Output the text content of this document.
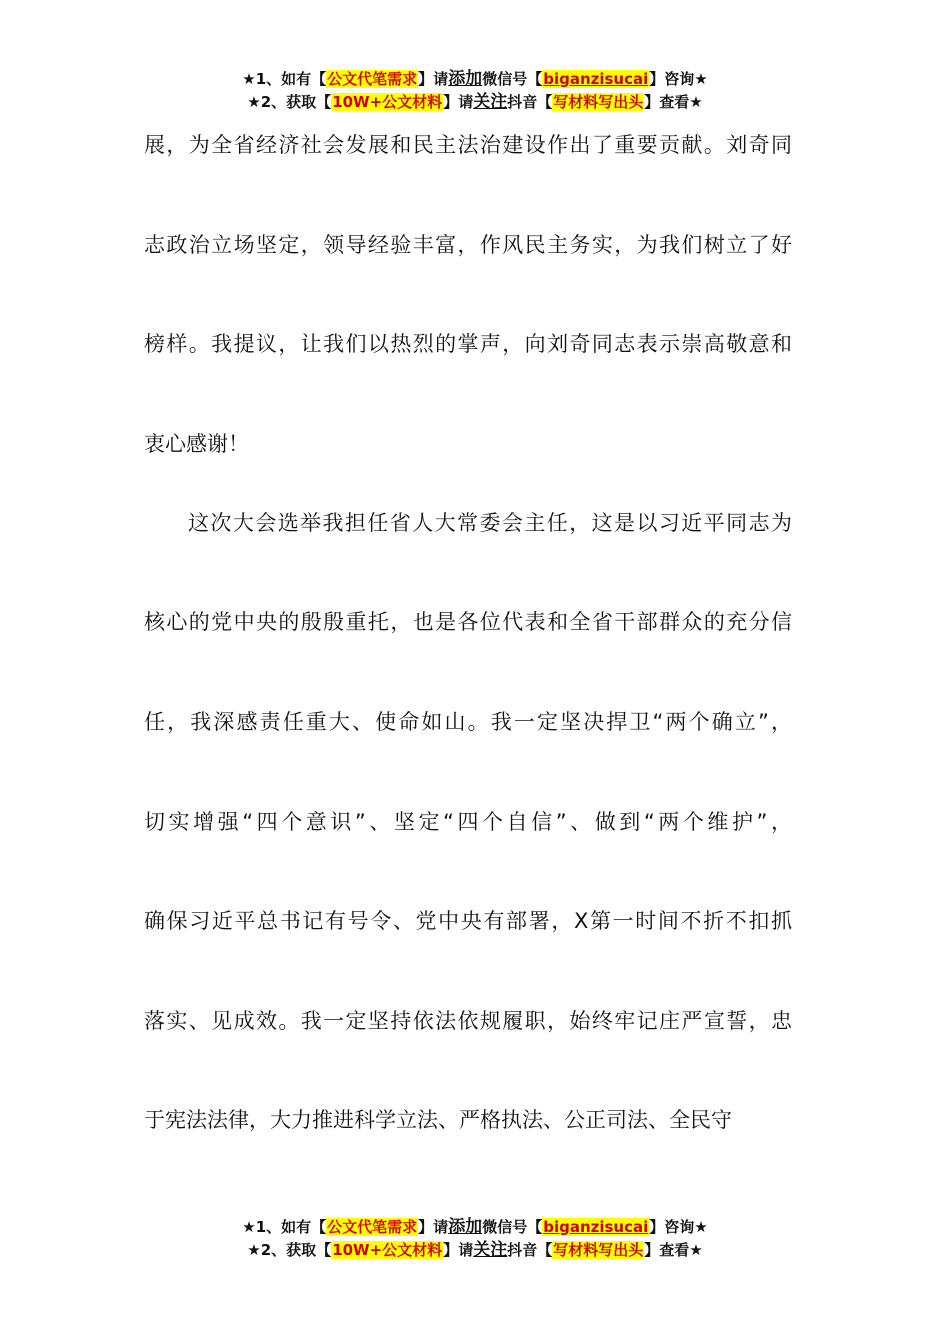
★1、如有【公文代笔需求】请添加微信号【biganzisucai】咨询★
★2、获取【10W+公文材料】请关注抖音【写材料写出头】查看★
展，为全省经济社会发展和民主法治建设作出了重要贡献。刘奇同
志政治立场坚定，领导经验丰富，作风民主务实，为我们树立了好
榜样。我提议，让我们以热烈的掌声，向刘奇同志表示崇高敬意和
衷心感谢！
这次大会选举我担任省人大常委会主任，这是以习近平同志为
核心的党中央的殷殷重托，也是各位代表和全省干部群众的充分信
任，我深感责任重大、使命如山。我一定坚决捍卫“两个确立”，
切实增强“四个意识”、坚定“四个自信”、做到“两个维护”，
确保习近平总书记有号令、党中央有部署，X第一时间不折不扣抓
落实、见成效。我一定坚持依法依规履职，始终牢记庄严宣誓，忠
于宪法法律，大力推进科学立法、严格执法、公正司法、全民守
★1、如有【公文代笔需求】请添加微信号【biganzisucai】咨询★
★2、获取【10W+公文材料】请关注抖音【写材料写出头】查看★
